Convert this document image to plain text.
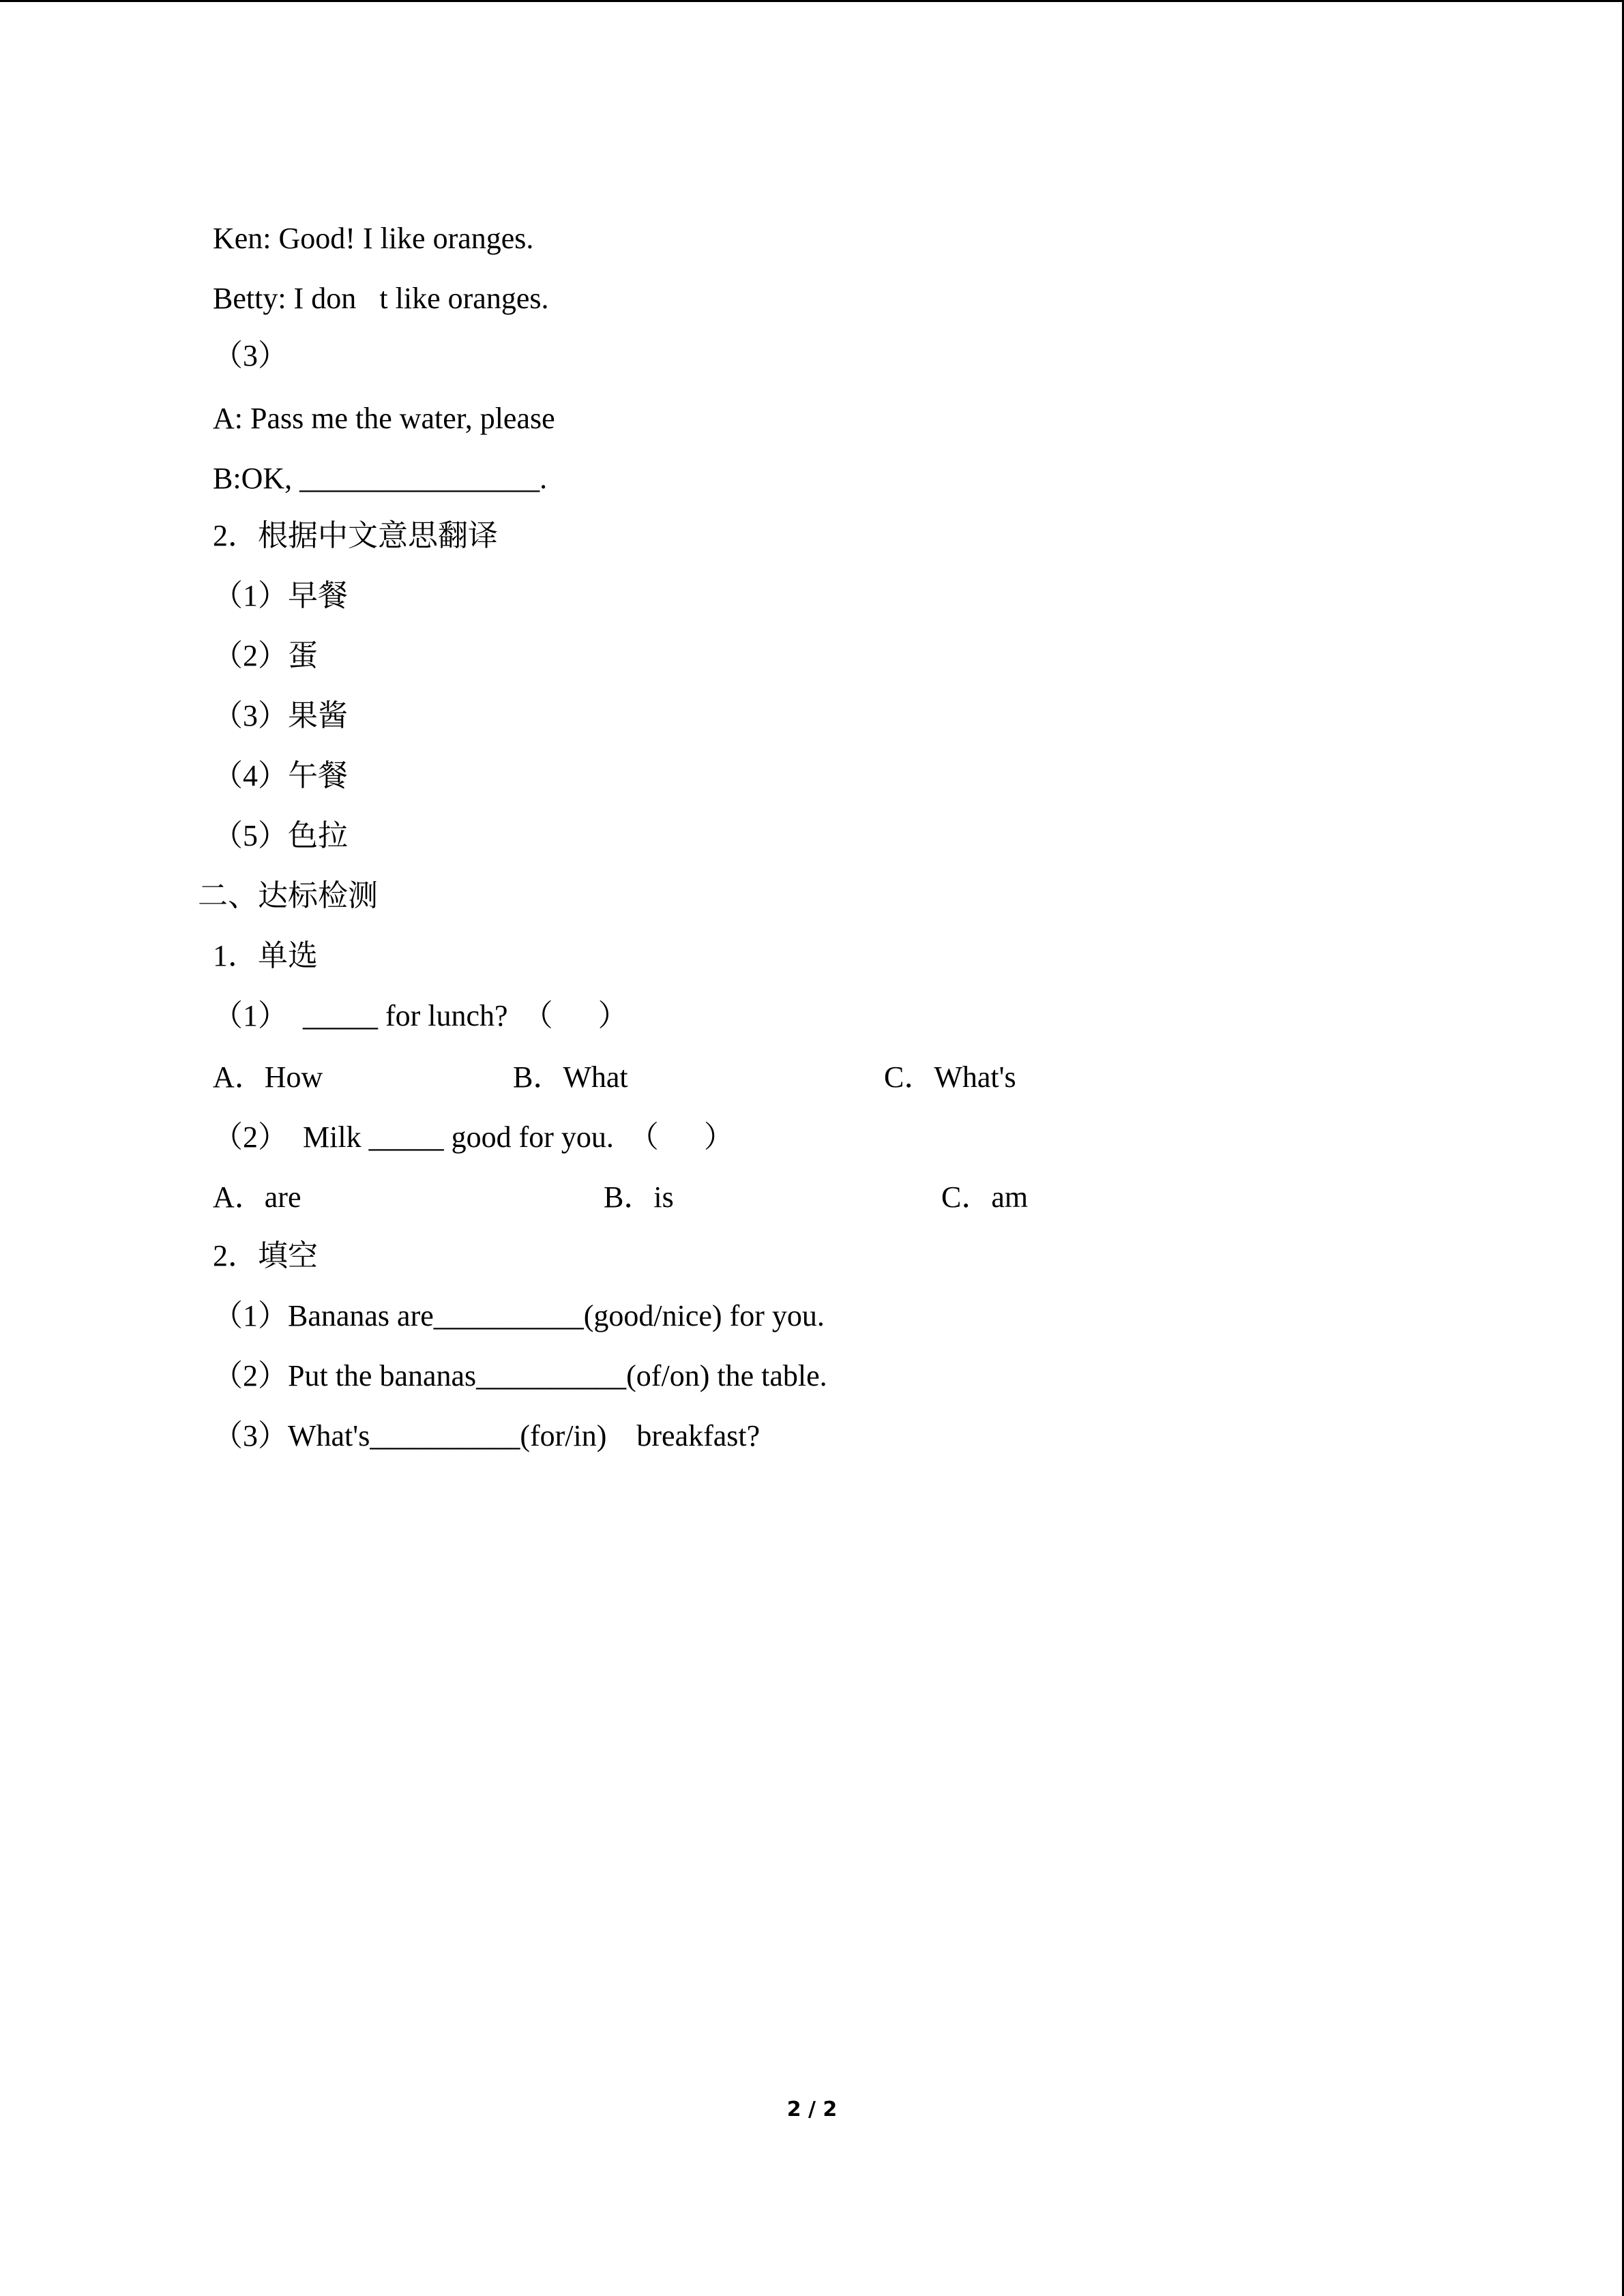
Ken: Good! I like oranges.
Betty: I don t like oranges.
（3）
A: Pass me the water, please
B:OK, ________________.
2．根据中文意思翻译
（1）早餐
（2）蛋
（3）果酱
（4）午餐
（5）色拉
二、达标检测
1．单选
（1）  _____ for lunch?  （      ）
A．How	B．What	C．What's
（2）  Milk _____ good for you.  （      ）
A．are	B．is	C．am
2．填空
（1）Bananas are__________(good/nice) for you.
（2）Put the bananas__________(of/on) the table.
（3）What's__________(for/in)    breakfast?
2 / 2
